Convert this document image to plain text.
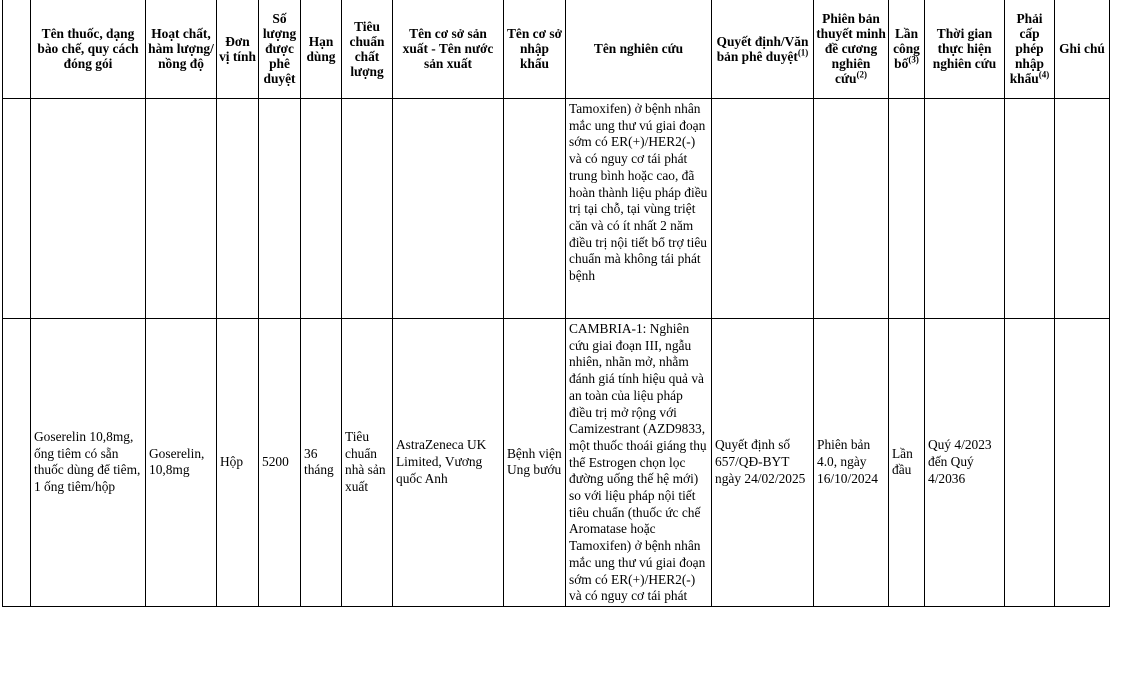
	Tên thuốc, dạng bào chế, quy cách đóng gói	Hoạt chất, hàm lượng/ nồng độ	Đơn vị tính	Số lượng được phê duyệt	Hạn dùng	Tiêu chuẩn chất lượng	Tên cơ sở sản xuất - Tên nước sản xuất	Tên cơ sở nhập khẩu	Tên nghiên cứu	Quyết định/Văn bản phê duyệt$^{(1)}$	Phiên bản thuyết minh đề cương nghiên cứu$^{(2)}$	Lần công bố$^{(3)}$	Thời gian thực hiện nghiên cứu	Phải cấp phép nhập khẩu$^{(4)}$	Ghi chú
									Tamoxifen) ở bệnh nhân mắc ung thư vú giai đoạn sớm có ER(+)/HER2(-) và có nguy cơ tái phát trung bình hoặc cao, đã hoàn thành liệu pháp điều trị tại chỗ, tại vùng triệt căn và có ít nhất 2 năm điều trị nội tiết bổ trợ tiêu chuẩn mà không tái phát bệnh						
	Goserelin 10,8mg, ống tiêm có sẵn thuốc dùng để tiêm, 1 ống tiêm/hộp	Goserelin, 10,8mg	Hộp	5200	36 tháng	Tiêu chuẩn nhà sản xuất	AstraZeneca UK Limited, Vương quốc Anh	Bệnh viện Ung bướu	CAMBRIA-1: Nghiên cứu giai đoạn III, ngẫu nhiên, nhãn mở, nhằm đánh giá tính hiệu quả và an toàn của liệu pháp điều trị mở rộng với Camizestrant (AZD9833, một thuốc thoái giáng thụ thể Estrogen chọn lọc đường uống thế hệ mới) so với liệu pháp nội tiết tiêu chuẩn (thuốc ức chế Aromatase hoặc Tamoxifen) ở bệnh nhân mắc ung thư vú giai đoạn sớm có ER(+)/HER2(-) và có nguy cơ tái phát	Quyết định số 657/QĐ-BYT ngày 24/02/2025	Phiên bản 4.0, ngày 16/10/2024	Lần đầu	Quý 4/2023 đến Quý 4/2036		
